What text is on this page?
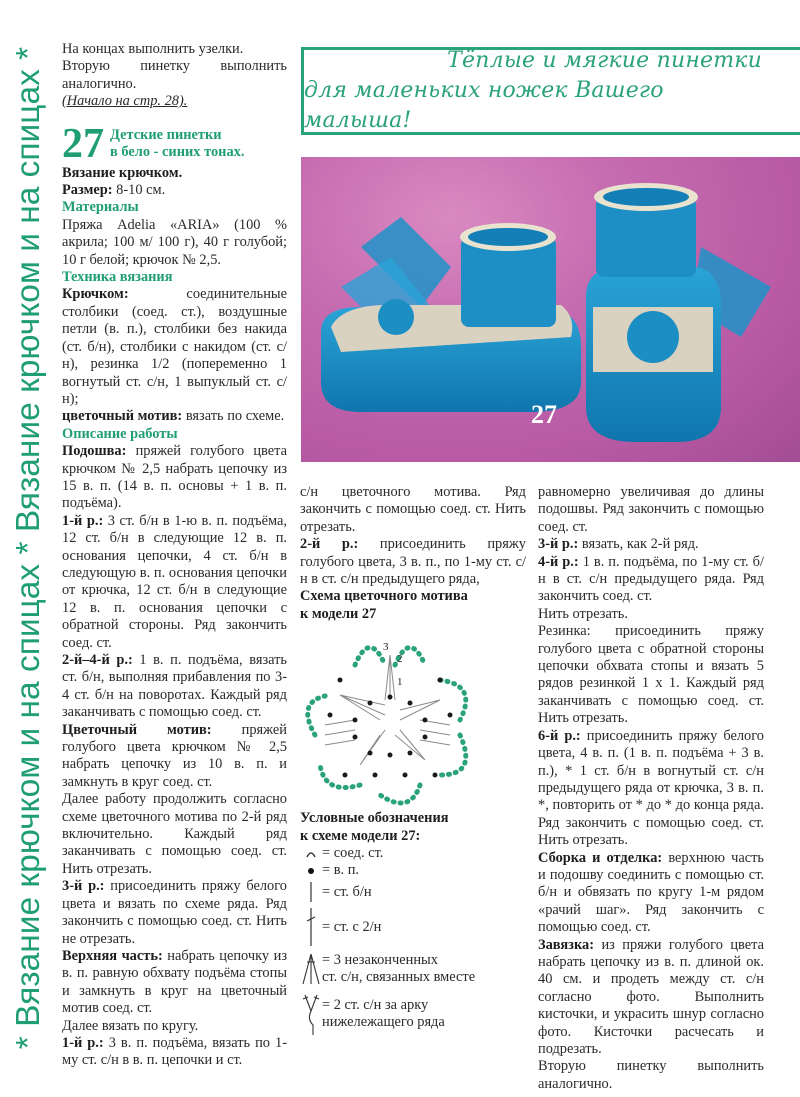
* Вязание крючком и на спицах * Вязание крючком и на спицах * На концах выполнить узелки.

Вторую пинетку выполнить аналогично.

(Начало на стр. 28).

27 Детские пинетки
в бело - синих тонах.

Вязание крючком.

Размер: 8-10 см.

Материалы

Пряжа Adelia «ARIA» (100 % акрила; 100 м/ 100 г), 40 г голубой; 10 г белой; крючок № 2,5.

Техника вязания

Крючком: соединительные столбики (соед. ст.), воздушные петли (в. п.), столбики без накида (ст. б/н), столбики с накидом (ст. с/н), резинка 1/2 (попеременно 1 вогнутый ст. с/н, 1 выпуклый ст. с/н);

цветочный мотив: вязать по схеме.

Описание работы

Подошва: пряжей голубого цвета крючком № 2,5 набрать цепочку из 15 в. п. (14 в. п. основы + 1 в. п. подъёма).

1-й р.: 3 ст. б/н в 1-ю в. п. подъёма, 12 ст. б/н в следующие 12 в. п. основания цепочки, 4 ст. б/н в следующую в. п. основания цепочки от крючка, 12 ст. б/н в следующие 12 в. п. основания цепочки с обратной стороны. Ряд закончить соед. ст.

2-й–4-й р.: 1 в. п. подъёма, вязать ст. б/н, выполняя прибавления по 3-4 ст. б/н на поворотах. Каждый ряд заканчивать с помощью соед. ст.

Цветочный мотив: пряжей голубого цвета крючком № 2,5 набрать цепочку из 10 в. п. и замкнуть в круг соед. ст.

Далее работу продолжить согласно схеме цветочного мотива по 2-й ряд включительно. Каждый ряд заканчивать с помощью соед. ст. Нить отрезать.

3-й р.: присоединить пряжу белого цвета и вязать по схеме ряда. Ряд закончить с помощью соед. ст. Нить не отрезать.

Верхняя часть: набрать цепочку из в. п. равную обхвату подъёма стопы и замкнуть в круг на цветочный мотив соед. ст.

Далее вязать по кругу.

1-й р.: 3 в. п. подъёма, вязать по 1-му ст. с/н в в. п. цепочки и ст.

Тёплые и мягкие пинетки
для маленьких ножек Вашего малыша!
27

с/н цветочного мотива. Ряд закончить с помощью соед. ст. Нить отрезать.

2-й р.: присоединить пряжу голубого цвета, 3 в. п., по 1-му ст. с/н в ст. с/н предыдущего ряда,

Схема цветочного мотива
к модели 27

3
2
1

Условные обозначения
к схеме модели 27:

= соед. ст.
= в. п.
= ст. б/н
= ст. с 2/н
= 3 незаконченных
ст. с/н, связанных вместе
= 2 ст. с/н за арку
нижележащего ряда

равномерно увеличивая до длины подошвы. Ряд закончить с помощью соед. ст.

3-й р.: вязать, как 2-й ряд.

4-й р.: 1 в. п. подъёма, по 1-му ст. б/н в ст. с/н предыдущего ряда. Ряд закончить соед. ст.

Нить отрезать.

Резинка: присоединить пряжу голубого цвета с обратной стороны цепочки обхвата стопы и вязать 5 рядов резинкой 1 х 1. Каждый ряд заканчивать с помощью соед. ст. Нить отрезать.

6-й р.: присоединить пряжу белого цвета, 4 в. п. (1 в. п. подъёма + 3 в. п.), * 1 ст. б/н в вогнутый ст. с/н предыдущего ряда от крючка, 3 в. п. *, повторить от * до * до конца ряда. Ряд закончить с помощью соед. ст. Нить отрезать.

Сборка и отделка: верхнюю часть и подошву соединить с помощью ст. б/н и обвязать по кругу 1-м рядом «рачий шаг». Ряд закончить с помощью соед. ст.

Завязка: из пряжи голубого цвета набрать цепочку из в. п. длиной ок. 40 см. и продеть между ст. с/н согласно фото. Выполнить кисточки, и украсить шнур согласно фото. Кисточки расчесать и подрезать.

Вторую пинетку выполнить аналогично.
